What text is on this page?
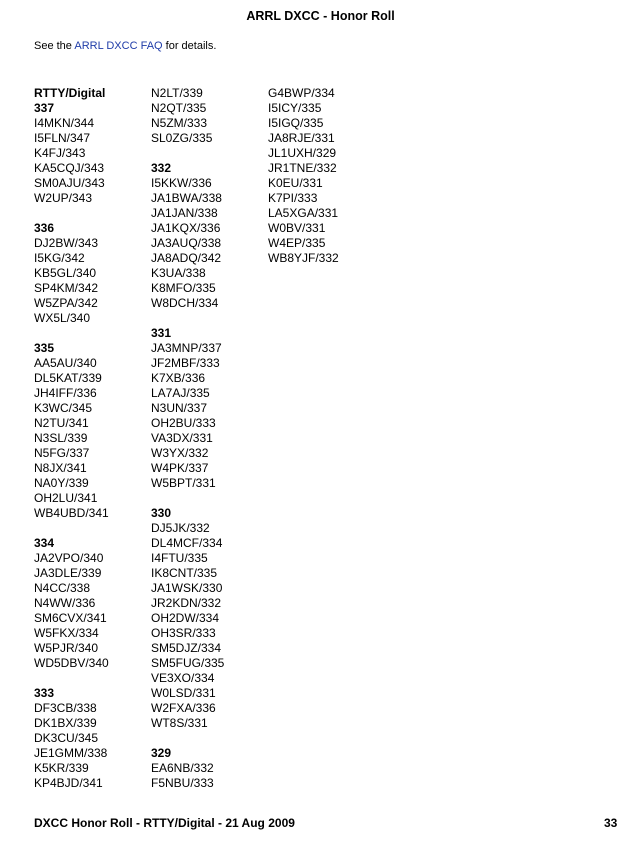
ARRL DXCC - Honor Roll
See the ARRL DXCC FAQ for details.
RTTY/Digital
337
I4MKN/344
I5FLN/347
K4FJ/343
KA5CQJ/343
SM0AJU/343
W2UP/343
336
DJ2BW/343
I5KG/342
KB5GL/340
SP4KM/342
W5ZPA/342
WX5L/340
335
AA5AU/340
DL5KAT/339
JH4IFF/336
K3WC/345
N2TU/341
N3SL/339
N5FG/337
N8JX/341
NA0Y/339
OH2LU/341
WB4UBD/341
334
JA2VPO/340
JA3DLE/339
N4CC/338
N4WW/336
SM6CVX/341
W5FKX/334
W5PJR/340
WD5DBV/340
333
DF3CB/338
DK1BX/339
DK3CU/345
JE1GMM/338
K5KR/339
KP4BJD/341
N2LT/339
N2QT/335
N5ZM/333
SL0ZG/335
332
I5KKW/336
JA1BWA/338
JA1JAN/338
JA1KQX/336
JA3AUQ/338
JA8ADQ/342
K3UA/338
K8MFO/335
W8DCH/334
331
JA3MNP/337
JF2MBF/333
K7XB/336
LA7AJ/335
N3UN/337
OH2BU/333
VA3DX/331
W3YX/332
W4PK/337
W5BPT/331
330
DJ5JK/332
DL4MCF/334
I4FTU/335
IK8CNT/335
JA1WSK/330
JR2KDN/332
OH2DW/334
OH3SR/333
SM5DJZ/334
SM5FUG/335
VE3XO/334
W0LSD/331
W2FXA/336
WT8S/331
329
EA6NB/332
F5NBU/333
G4BWP/334
I5ICY/335
I5IGQ/335
JA8RJE/331
JL1UXH/329
JR1TNE/332
K0EU/331
K7PI/333
LA5XGA/331
W0BV/331
W4EP/335
WB8YJF/332
DXCC Honor Roll - RTTY/Digital - 21 Aug 2009	33
